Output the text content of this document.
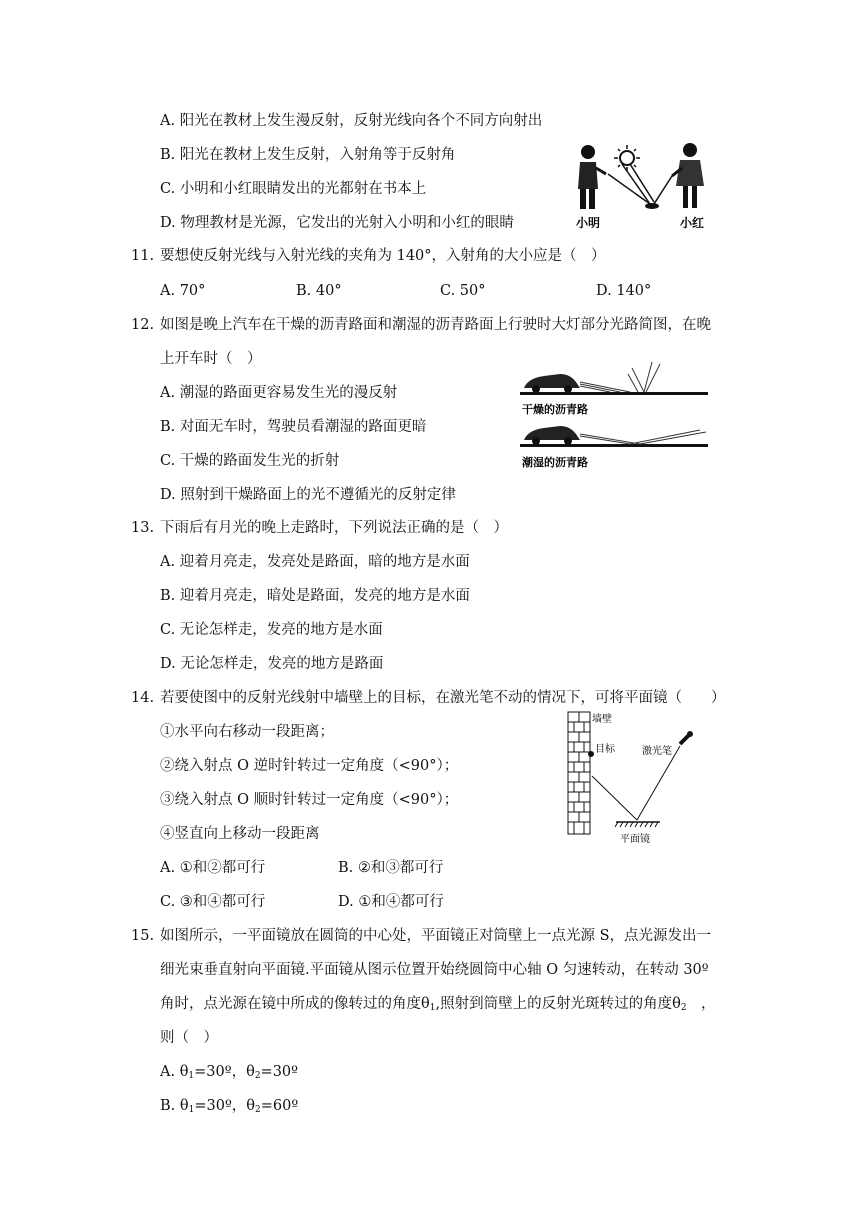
A. 阳光在教材上发生漫反射，反射光线向各个不同方向射出
B. 阳光在教材上发生反射，入射角等于反射角
C. 小明和小红眼睛发出的光都射在书本上
D. 物理教材是光源，它发出的光射入小明和小红的眼睛	小明	小红
11. 要想使反射光线与入射光线的夹角为 140°，入射角的大小应是（　）
A. 70°	B. 40°	C. 50°	D. 140°
12. 如图是晚上汽车在干燥的沥青路面和潮湿的沥青路面上行驶时大灯部分光路简图，在晚
上开车时（　）
A. 潮湿的路面更容易发生光的漫反射
B. 对面无车时，驾驶员看潮湿的路面更暗
C. 干燥的路面发生光的折射
D. 照射到干燥路面上的光不遵循光的反射定律
干燥的沥青路
潮湿的沥青路
13. 下雨后有月光的晚上走路时，下列说法正确的是（　）
A. 迎着月亮走，发亮处是路面，暗的地方是水面
B. 迎着月亮走，暗处是路面，发亮的地方是水面
C. 无论怎样走，发亮的地方是水面
D. 无论怎样走，发亮的地方是路面
14. 若要使图中的反射光线射中墙壁上的目标，在激光笔不动的情况下，可将平面镜（　　）
①水平向右移动一段距离；
②绕入射点 O 逆时针转过一定角度（<90°）；
③绕入射点 O 顺时针转过一定角度（<90°）；
④竖直向上移动一段距离
A. ①和②都可行	B. ②和③都可行
C. ③和④都可行	D. ①和④都可行
墙壁
目标	激光笔
平面镜
15. 如图所示，一平面镜放在圆筒的中心处，平面镜正对筒壁上一点光源 S，点光源发出一
细光束垂直射向平面镜.平面镜从图示位置开始绕圆筒中心轴 O 匀速转动，在转动 30º
角时，点光源在镜中所成的像转过的角度$\theta_1$,照射到筒壁上的反射光斑转过的角度$\theta_2$　，
则（　）
A. $\theta_1=30º$，$\theta_2=30º$
B. $\theta_1=30º$，$\theta_2=60º$
